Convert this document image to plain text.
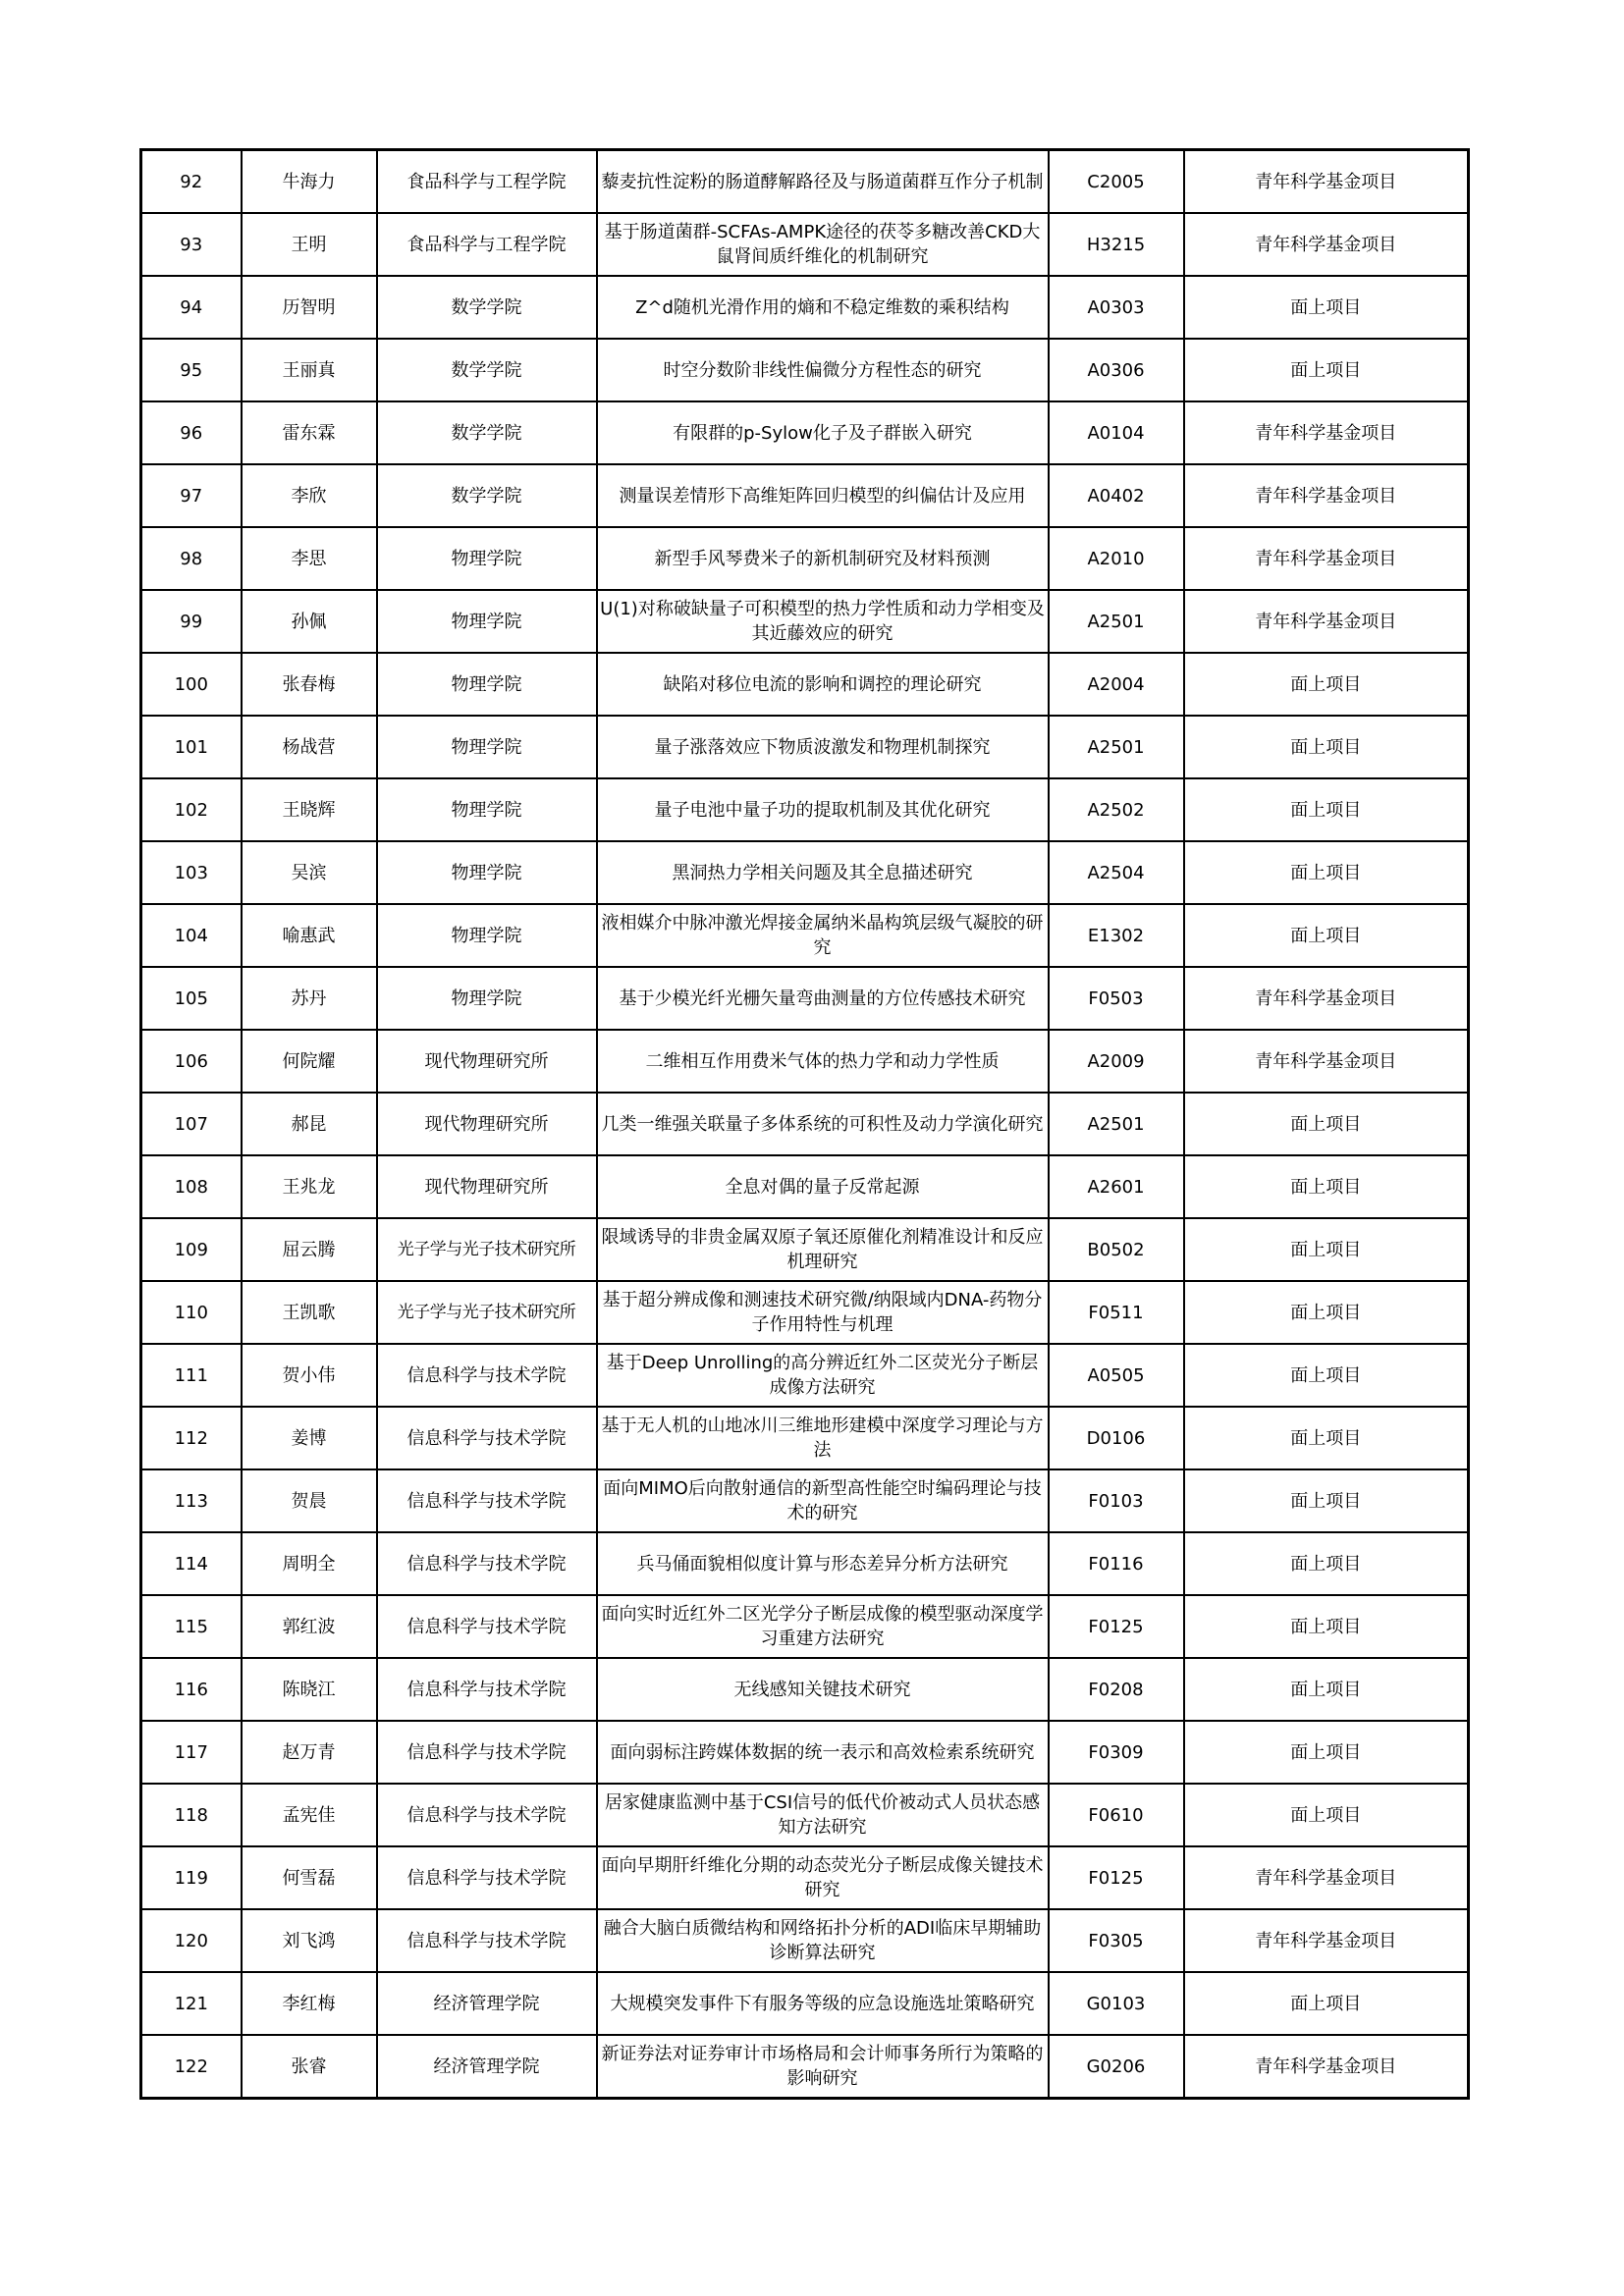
92	牛海力	食品科学与工程学院	藜麦抗性淀粉的肠道酵解路径及与肠道菌群互作分子机制	C2005	青年科学基金项目
93	王明	食品科学与工程学院	基于肠道菌群-SCFAs-AMPK途径的茯苓多糖改善CKD大鼠肾间质纤维化的机制研究	H3215	青年科学基金项目
94	历智明	数学学院	Z^d随机光滑作用的熵和不稳定维数的乘积结构	A0303	面上项目
95	王丽真	数学学院	时空分数阶非线性偏微分方程性态的研究	A0306	面上项目
96	雷东霖	数学学院	有限群的p-Sylow化子及子群嵌入研究	A0104	青年科学基金项目
97	李欣	数学学院	测量误差情形下高维矩阵回归模型的纠偏估计及应用	A0402	青年科学基金项目
98	李思	物理学院	新型手风琴费米子的新机制研究及材料预测	A2010	青年科学基金项目
99	孙佩	物理学院	U(1)对称破缺量子可积模型的热力学性质和动力学相变及其近藤效应的研究	A2501	青年科学基金项目
100	张春梅	物理学院	缺陷对移位电流的影响和调控的理论研究	A2004	面上项目
101	杨战营	物理学院	量子涨落效应下物质波激发和物理机制探究	A2501	面上项目
102	王晓辉	物理学院	量子电池中量子功的提取机制及其优化研究	A2502	面上项目
103	吴滨	物理学院	黑洞热力学相关问题及其全息描述研究	A2504	面上项目
104	喻惠武	物理学院	液相媒介中脉冲激光焊接金属纳米晶构筑层级气凝胶的研究	E1302	面上项目
105	苏丹	物理学院	基于少模光纤光栅矢量弯曲测量的方位传感技术研究	F0503	青年科学基金项目
106	何院耀	现代物理研究所	二维相互作用费米气体的热力学和动力学性质	A2009	青年科学基金项目
107	郝昆	现代物理研究所	几类一维强关联量子多体系统的可积性及动力学演化研究	A2501	面上项目
108	王兆龙	现代物理研究所	全息对偶的量子反常起源	A2601	面上项目
109	屈云腾	光子学与光子技术研究所	限域诱导的非贵金属双原子氧还原催化剂精准设计和反应机理研究	B0502	面上项目
110	王凯歌	光子学与光子技术研究所	基于超分辨成像和测速技术研究微/纳限域内DNA-药物分子作用特性与机理	F0511	面上项目
111	贺小伟	信息科学与技术学院	基于Deep Unrolling的高分辨近红外二区荧光分子断层成像方法研究	A0505	面上项目
112	姜博	信息科学与技术学院	基于无人机的山地冰川三维地形建模中深度学习理论与方法	D0106	面上项目
113	贺晨	信息科学与技术学院	面向MIMO后向散射通信的新型高性能空时编码理论与技术的研究	F0103	面上项目
114	周明全	信息科学与技术学院	兵马俑面貌相似度计算与形态差异分析方法研究	F0116	面上项目
115	郭红波	信息科学与技术学院	面向实时近红外二区光学分子断层成像的模型驱动深度学习重建方法研究	F0125	面上项目
116	陈晓江	信息科学与技术学院	无线感知关键技术研究	F0208	面上项目
117	赵万青	信息科学与技术学院	面向弱标注跨媒体数据的统一表示和高效检索系统研究	F0309	面上项目
118	孟宪佳	信息科学与技术学院	居家健康监测中基于CSI信号的低代价被动式人员状态感知方法研究	F0610	面上项目
119	何雪磊	信息科学与技术学院	面向早期肝纤维化分期的动态荧光分子断层成像关键技术研究	F0125	青年科学基金项目
120	刘飞鸿	信息科学与技术学院	融合大脑白质微结构和网络拓扑分析的ADI临床早期辅助诊断算法研究	F0305	青年科学基金项目
121	李红梅	经济管理学院	大规模突发事件下有服务等级的应急设施选址策略研究	G0103	面上项目
122	张睿	经济管理学院	新证券法对证券审计市场格局和会计师事务所行为策略的影响研究	G0206	青年科学基金项目
